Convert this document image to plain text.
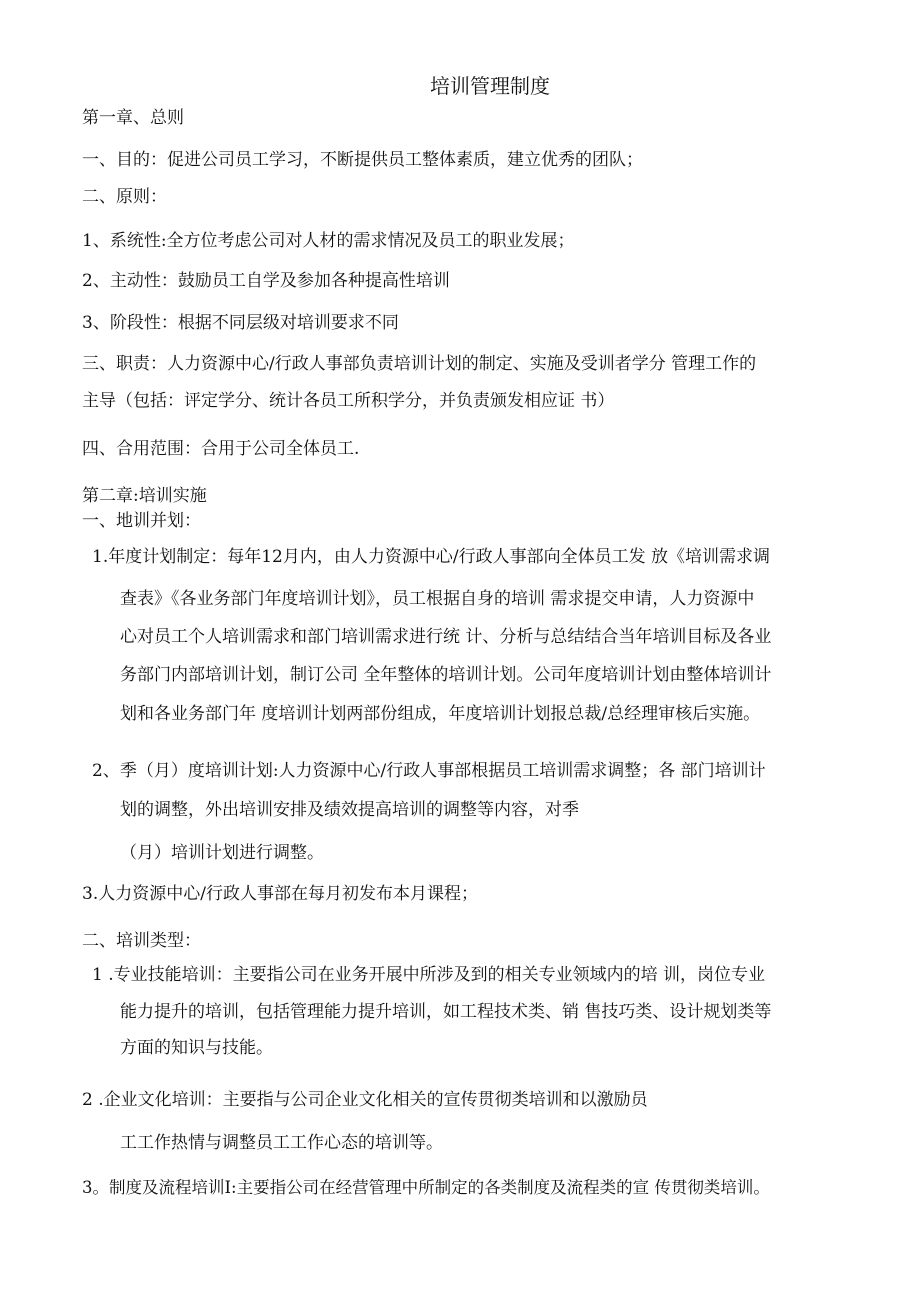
培训管理制度
第一章、总则
一、目的：促进公司员工学习，不断提供员工整体素质，建立优秀的团队；
二、原则：
1、系统性:全方位考虑公司对人材的需求情况及员工的职业发展；
2、主动性：鼓励员工自学及参加各种提高性培训
3、阶段性：根据不同层级对培训要求不同
三、职责：人力资源中心/行政人事部负责培训计划的制定、实施及受训者学分 管理工作的
主导（包括：评定学分、统计各员工所积学分，并负责颁发相应证 书）
四、合用范围：合用于公司全体员工.
第二章:培训实施
一、地训并划：
1.年度计划制定：每年12月内，由人力资源中心/行政人事部向全体员工发 放《培训需求调
查表》《各业务部门年度培训计划》，员工根据自身的培训 需求提交申请，人力资源中
心对员工个人培训需求和部门培训需求进行统 计、分析与总结结合当年培训目标及各业
务部门内部培训计划，制订公司 全年整体的培训计划。公司年度培训计划由整体培训计
划和各业务部门年 度培训计划两部份组成，年度培训计划报总裁/总经理审核后实施。
2、季（月）度培训计划:人力资源中心/行政人事部根据员工培训需求调整；各 部门培训计
划的调整，外出培训安排及绩效提高培训的调整等内容，对季
（月）培训计划进行调整。
3.人力资源中心/行政人事部在每月初发布本月课程；
二、培训类型：
1 .专业技能培训：主要指公司在业务开展中所涉及到的相关专业领域内的培 训，岗位专业
能力提升的培训，包括管理能力提升培训，如工程技术类、销 售技巧类、设计规划类等
方面的知识与技能。
2 .企业文化培训：主要指与公司企业文化相关的宣传贯彻类培训和以激励员
工工作热情与调整员工工作心态的培训等。
3。制度及流程培训I:主要指公司在经营管理中所制定的各类制度及流程类的宣 传贯彻类培训。
